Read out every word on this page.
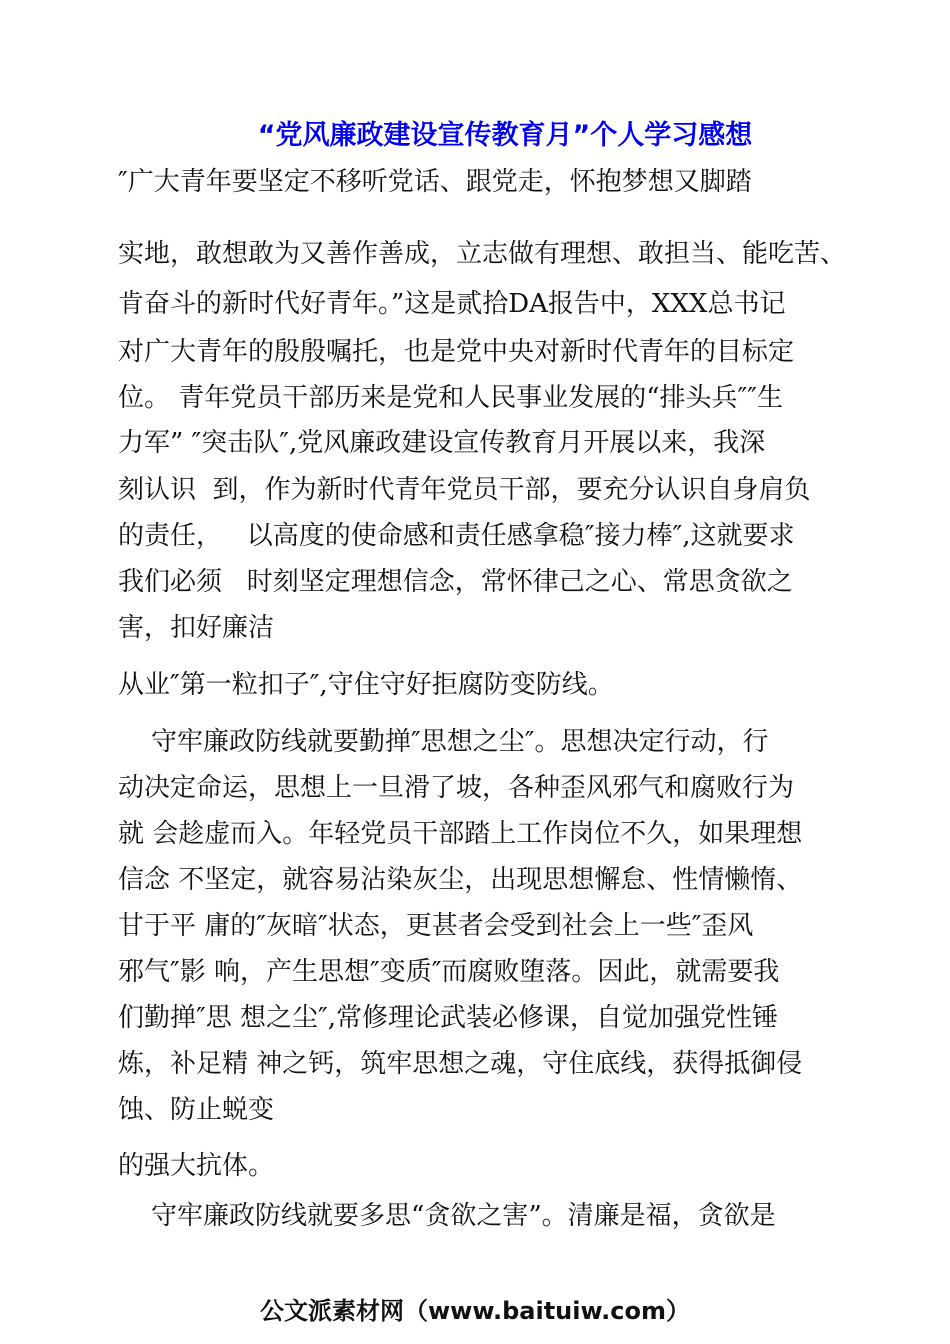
“党风廉政建设宣传教育月”个人学习感想
″广大青年要坚定不移听党话、跟党走，怀抱梦想又脚踏
实地，敢想敢为又善作善成，立志做有理想、敢担当、能吃苦、
肯奋斗的新时代好青年。”这是贰拾DA报告中，XXX总书记
对广大青年的殷殷嘱托，也是党中央对新时代青年的目标定
位。 青年党员干部历来是党和人民事业发展的“排头兵″″生
力军” ″突击队″,党风廉政建设宣传教育月开展以来，我深
刻认识  到，作为新时代青年党员干部，要充分认识自身肩负
的责任，   以高度的使命感和责任感拿稳″接力棒″,这就要求
我们必须   时刻坚定理想信念，常怀律己之心、常思贪欲之
害，扣好廉洁
从业″第一粒扣子″,守住守好拒腐防变防线。
守牢廉政防线就要勤掸″思想之尘″。思想决定行动，行
动决定命运，思想上一旦滑了坡，各种歪风邪气和腐败行为
就 会趁虚而入。年轻党员干部踏上工作岗位不久，如果理想
信念 不坚定，就容易沾染灰尘，出现思想懈怠、性情懒惰、
甘于平 庸的″灰暗″状态，更甚者会受到社会上一些″歪风
邪气″影 响，产生思想″变质″而腐败堕落。因此，就需要我
们勤掸″思 想之尘″,常修理论武装必修课，自觉加强党性锤
炼，补足精 神之钙，筑牢思想之魂，守住底线，获得抵御侵
蚀、防止蜕变
的强大抗体。
守牢廉政防线就要多思“贪欲之害”。清廉是福，贪欲是
公文派素材网（www.baituiw.com）
